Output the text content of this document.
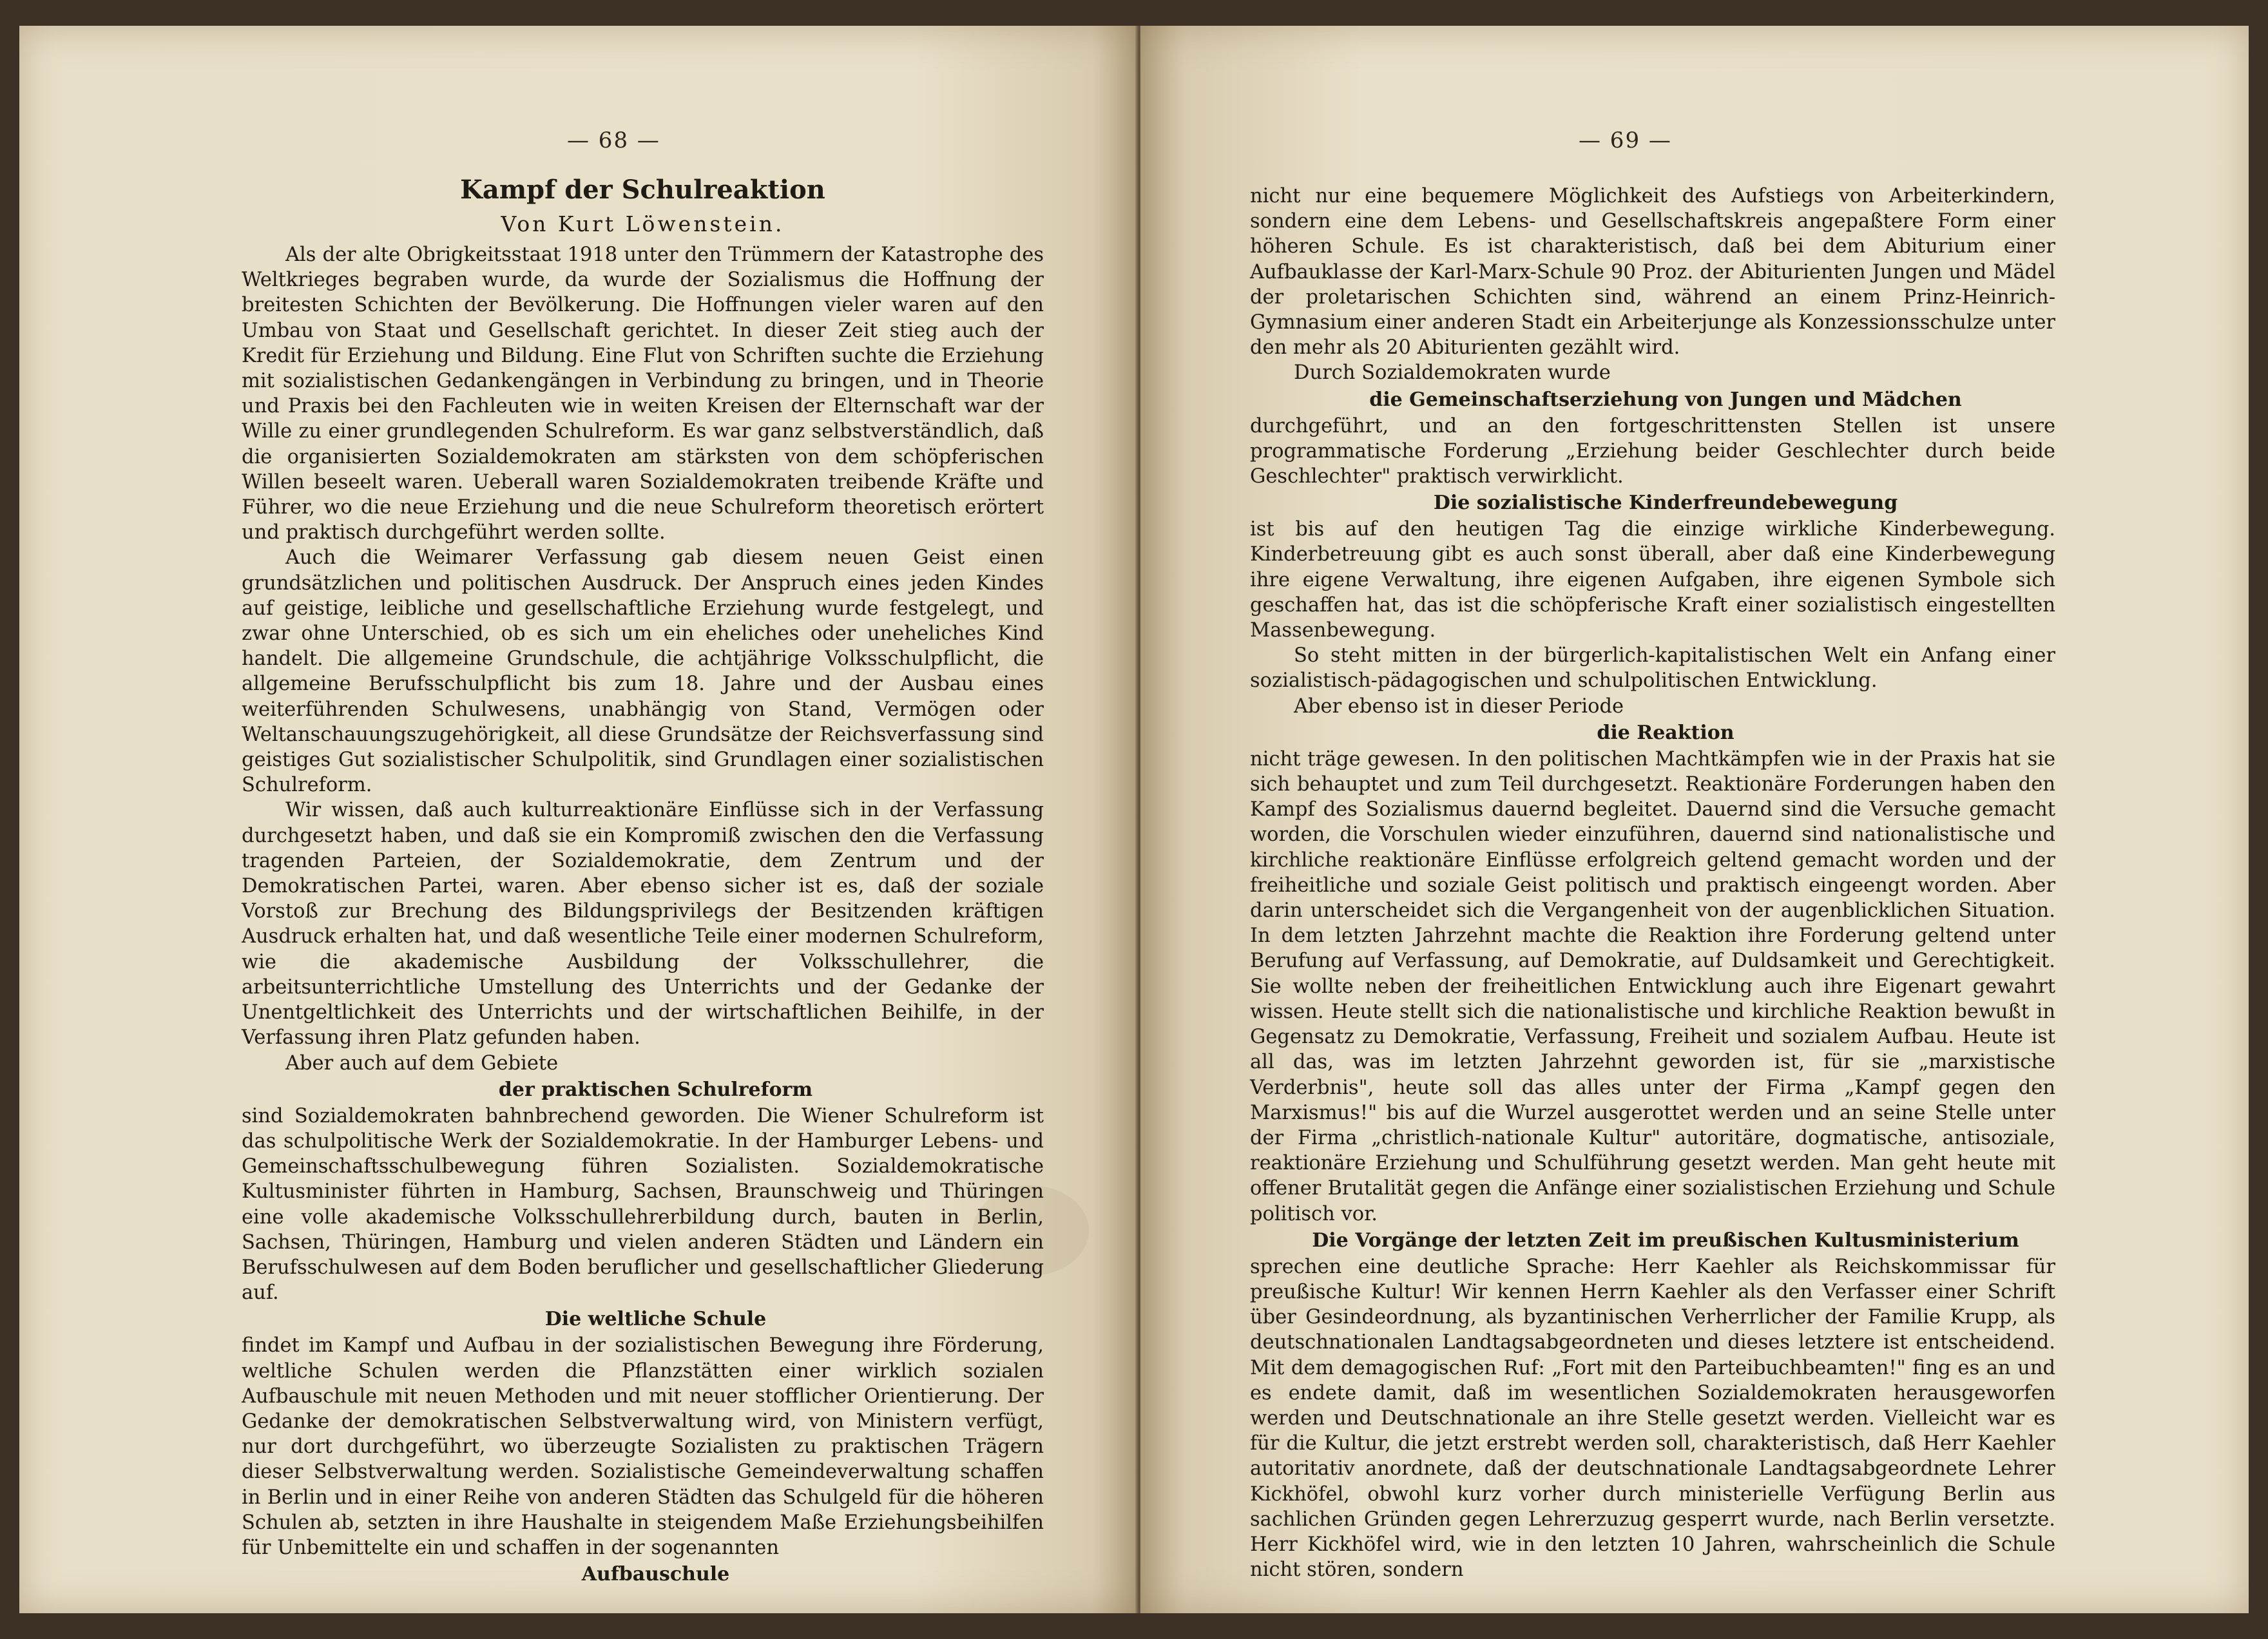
— 68 —
Kampf der Schulreaktion
Von Kurt Löwenstein.

Als der alte Obrigkeitsstaat 1918 unter den Trümmern der Katastrophe des Weltkrieges begraben wurde, da wurde der Sozialismus die Hoffnung der breitesten Schichten der Bevölkerung. Die Hoffnungen vieler waren auf den Umbau von Staat und Gesellschaft gerichtet. In dieser Zeit stieg auch der Kredit für Erziehung und Bildung. Eine Flut von Schriften suchte die Erziehung mit sozialistischen Gedankengängen in Verbindung zu bringen, und in Theorie und Praxis bei den Fachleuten wie in weiten Kreisen der Elternschaft war der Wille zu einer grundlegenden Schulreform. Es war ganz selbstverständlich, daß die organisierten Sozialdemokraten am stärksten von dem schöpferischen Willen beseelt waren. Ueberall waren Sozialdemokraten treibende Kräfte und Führer, wo die neue Erziehung und die neue Schulreform theoretisch erörtert und praktisch durchgeführt werden sollte.

Auch die Weimarer Verfassung gab diesem neuen Geist einen grundsätzlichen und politischen Ausdruck. Der Anspruch eines jeden Kindes auf geistige, leibliche und gesellschaftliche Erziehung wurde festgelegt, und zwar ohne Unterschied, ob es sich um ein eheliches oder uneheliches Kind handelt. Die allgemeine Grundschule, die achtjährige Volksschulpflicht, die allgemeine Berufsschulpflicht bis zum 18. Jahre und der Ausbau eines weiterführenden Schulwesens, unabhängig von Stand, Vermögen oder Weltanschauungszugehörigkeit, all diese Grundsätze der Reichsverfassung sind geistiges Gut sozialistischer Schulpolitik, sind Grundlagen einer sozialistischen Schulreform.

Wir wissen, daß auch kulturreaktionäre Einflüsse sich in der Verfassung durchgesetzt haben, und daß sie ein Kompromiß zwischen den die Verfassung tragenden Parteien, der Sozialdemokratie, dem Zentrum und der Demokratischen Partei, waren. Aber ebenso sicher ist es, daß der soziale Vorstoß zur Brechung des Bildungsprivilegs der Besitzenden kräftigen Ausdruck erhalten hat, und daß wesentliche Teile einer modernen Schulreform, wie die akademische Ausbildung der Volksschullehrer, die arbeitsunterrichtliche Umstellung des Unterrichts und der Gedanke der Unentgeltlichkeit des Unterrichts und der wirtschaftlichen Beihilfe, in der Verfassung ihren Platz gefunden haben.

Aber auch auf dem Gebiete

der praktischen Schulreform

sind Sozialdemokraten bahnbrechend geworden. Die Wiener Schulreform ist das schulpolitische Werk der Sozialdemokratie. In der Hamburger Lebens- und Gemeinschaftsschulbewegung führen Sozialisten. Sozialdemokratische Kultusminister führten in Hamburg, Sachsen, Braunschweig und Thüringen eine volle akademische Volksschullehrerbildung durch, bauten in Berlin, Sachsen, Thüringen, Hamburg und vielen anderen Städten und Ländern ein Berufsschulwesen auf dem Boden beruflicher und gesellschaftlicher Gliederung auf.

Die weltliche Schule

findet im Kampf und Aufbau in der sozialistischen Bewegung ihre Förderung, weltliche Schulen werden die Pflanzstätten einer wirklich sozialen Aufbauschule mit neuen Methoden und mit neuer stofflicher Orientierung. Der Gedanke der demokratischen Selbstverwaltung wird, von Ministern verfügt, nur dort durchgeführt, wo überzeugte Sozialisten zu praktischen Trägern dieser Selbstverwaltung werden. Sozialistische Gemeindeverwaltung schaffen in Berlin und in einer Reihe von anderen Städten das Schulgeld für die höheren Schulen ab, setzten in ihre Haushalte in steigendem Maße Erziehungsbeihilfen für Unbemittelte ein und schaffen in der sogenannten

Aufbauschule
— 69 —

nicht nur eine bequemere Möglichkeit des Aufstiegs von Arbeiterkindern, sondern eine dem Lebens- und Gesellschaftskreis angepaßtere Form einer höheren Schule. Es ist charakteristisch, daß bei dem Abiturium einer Aufbauklasse der Karl-Marx-Schule 90 Proz. der Abiturienten Jungen und Mädel der proletarischen Schichten sind, während an einem Prinz-Heinrich-Gymnasium einer anderen Stadt ein Arbeiterjunge als Konzessionsschulze unter den mehr als 20 Abiturienten gezählt wird.

Durch Sozialdemokraten wurde

die Gemeinschaftserziehung von Jungen und Mädchen

durchgeführt, und an den fortgeschrittensten Stellen ist unsere programmatische Forderung „Erziehung beider Geschlechter durch beide Geschlechter" praktisch verwirklicht.

Die sozialistische Kinderfreundebewegung

ist bis auf den heutigen Tag die einzige wirkliche Kinderbewegung. Kinderbetreuung gibt es auch sonst überall, aber daß eine Kinderbewegung ihre eigene Verwaltung, ihre eigenen Aufgaben, ihre eigenen Symbole sich geschaffen hat, das ist die schöpferische Kraft einer sozialistisch eingestellten Massenbewegung.

So steht mitten in der bürgerlich-kapitalistischen Welt ein Anfang einer sozialistisch-pädagogischen und schulpolitischen Entwicklung.

Aber ebenso ist in dieser Periode

die Reaktion

nicht träge gewesen. In den politischen Machtkämpfen wie in der Praxis hat sie sich behauptet und zum Teil durchgesetzt. Reaktionäre Forderungen haben den Kampf des Sozialismus dauernd begleitet. Dauernd sind die Versuche gemacht worden, die Vorschulen wieder einzuführen, dauernd sind nationalistische und kirchliche reaktionäre Einflüsse erfolgreich geltend gemacht worden und der freiheitliche und soziale Geist politisch und praktisch eingeengt worden. Aber darin unterscheidet sich die Vergangenheit von der augenblicklichen Situation. In dem letzten Jahrzehnt machte die Reaktion ihre Forderung geltend unter Berufung auf Verfassung, auf Demokratie, auf Duldsamkeit und Gerechtigkeit. Sie wollte neben der freiheitlichen Entwicklung auch ihre Eigenart gewahrt wissen. Heute stellt sich die nationalistische und kirchliche Reaktion bewußt in Gegensatz zu Demokratie, Verfassung, Freiheit und sozialem Aufbau. Heute ist all das, was im letzten Jahrzehnt geworden ist, für sie „marxistische Verderbnis", heute soll das alles unter der Firma „Kampf gegen den Marxismus!" bis auf die Wurzel ausgerottet werden und an seine Stelle unter der Firma „christlich-nationale Kultur" autoritäre, dogmatische, antisoziale, reaktionäre Erziehung und Schulführung gesetzt werden. Man geht heute mit offener Brutalität gegen die Anfänge einer sozialistischen Erziehung und Schule politisch vor.

Die Vorgänge der letzten Zeit im preußischen Kultusministerium

sprechen eine deutliche Sprache: Herr Kaehler als Reichskommissar für preußische Kultur! Wir kennen Herrn Kaehler als den Verfasser einer Schrift über Gesindeordnung, als byzantinischen Verherrlicher der Familie Krupp, als deutschnationalen Landtagsabgeordneten und dieses letztere ist entscheidend. Mit dem demagogischen Ruf: „Fort mit den Parteibuchbeamten!" fing es an und es endete damit, daß im wesentlichen Sozialdemokraten herausgeworfen werden und Deutschnationale an ihre Stelle gesetzt werden. Vielleicht war es für die Kultur, die jetzt erstrebt werden soll, charakteristisch, daß Herr Kaehler autoritativ anordnete, daß der deutschnationale Landtagsabgeordnete Lehrer Kickhöfel, obwohl kurz vorher durch ministerielle Verfügung Berlin aus sachlichen Gründen gegen Lehrerzuzug gesperrt wurde, nach Berlin versetzte. Herr Kickhöfel wird, wie in den letzten 10 Jahren, wahrscheinlich die Schule nicht stören, sondern
